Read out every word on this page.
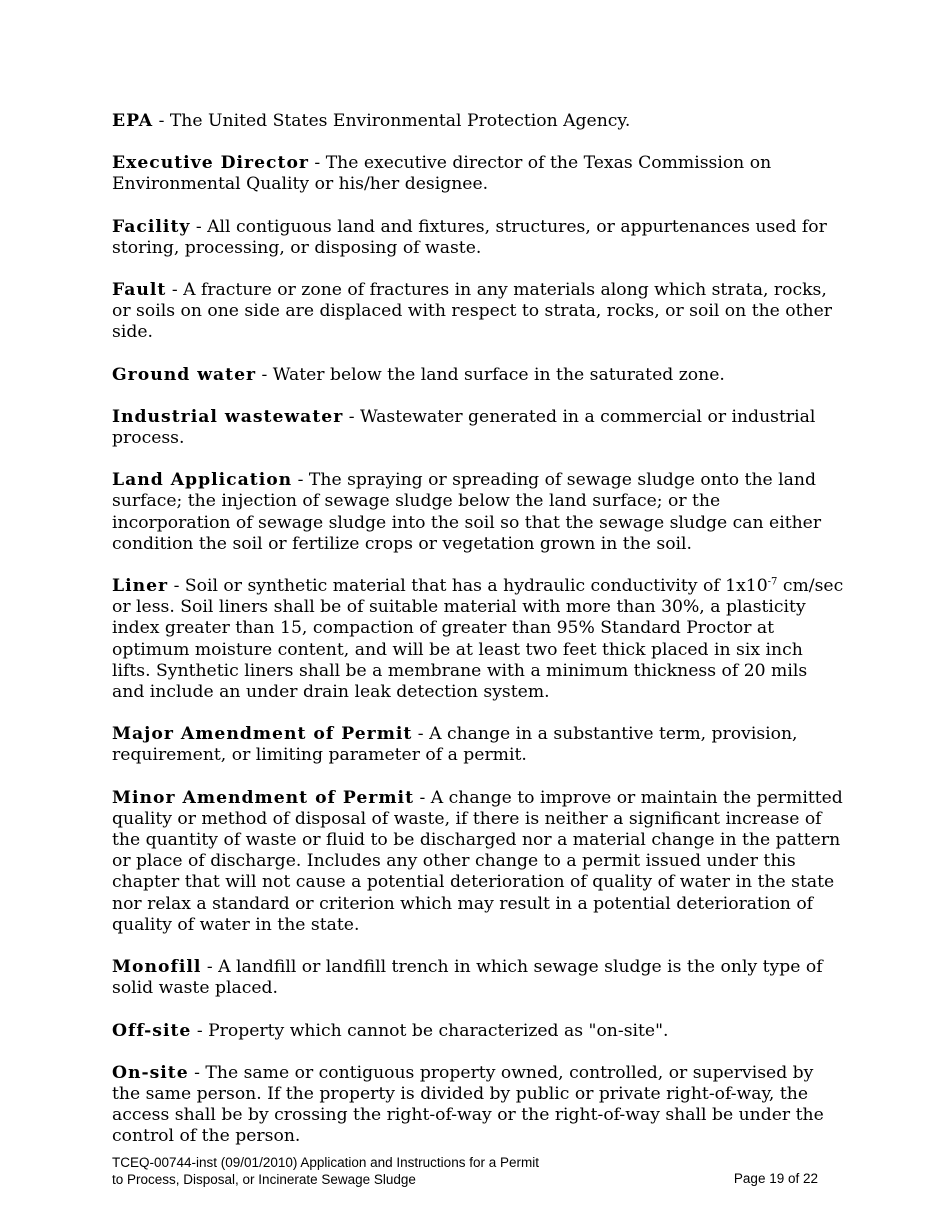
EPA - The United States Environmental Protection Agency.

Executive Director - The executive director of the Texas Commission on Environmental Quality or his/her designee.

Facility - All contiguous land and fixtures, structures, or appurtenances used for storing, processing, or disposing of waste.

Fault - A fracture or zone of fractures in any materials along which strata, rocks, or soils on one side are displaced with respect to strata, rocks, or soil on the other side.

Ground water - Water below the land surface in the saturated zone.

Industrial wastewater - Wastewater generated in a commercial or industrial process.

Land Application - The spraying or spreading of sewage sludge onto the land surface; the injection of sewage sludge below the land surface; or the incorporation of sewage sludge into the soil so that the sewage sludge can either condition the soil or fertilize crops or vegetation grown in the soil.

Liner - Soil or synthetic material that has a hydraulic conductivity of $1x10^{-7}$ cm/sec or less. Soil liners shall be of suitable material with more than 30%, a plasticity index greater than 15, compaction of greater than 95% Standard Proctor at optimum moisture content, and will be at least two feet thick placed in six inch lifts. Synthetic liners shall be a membrane with a minimum thickness of 20 mils and include an under drain leak detection system.

Major Amendment of Permit - A change in a substantive term, provision, requirement, or limiting parameter of a permit.

Minor Amendment of Permit - A change to improve or maintain the permitted quality or method of disposal of waste, if there is neither a significant increase of the quantity of waste or fluid to be discharged nor a material change in the pattern or place of discharge. Includes any other change to a permit issued under this chapter that will not cause a potential deterioration of quality of water in the state nor relax a standard or criterion which may result in a potential deterioration of quality of water in the state.

Monofill - A landfill or landfill trench in which sewage sludge is the only type of solid waste placed.

Off-site - Property which cannot be characterized as "on-site".

On-site - The same or contiguous property owned, controlled, or supervised by the same person. If the property is divided by public or private right-of-way, the access shall be by crossing the right-of-way or the right-of-way shall be under the control of the person.

TCEQ-00744-inst (09/01/2010) Application and Instructions for a Permit
to Process, Disposal, or Incinerate Sewage Sludge	Page 19 of 22
